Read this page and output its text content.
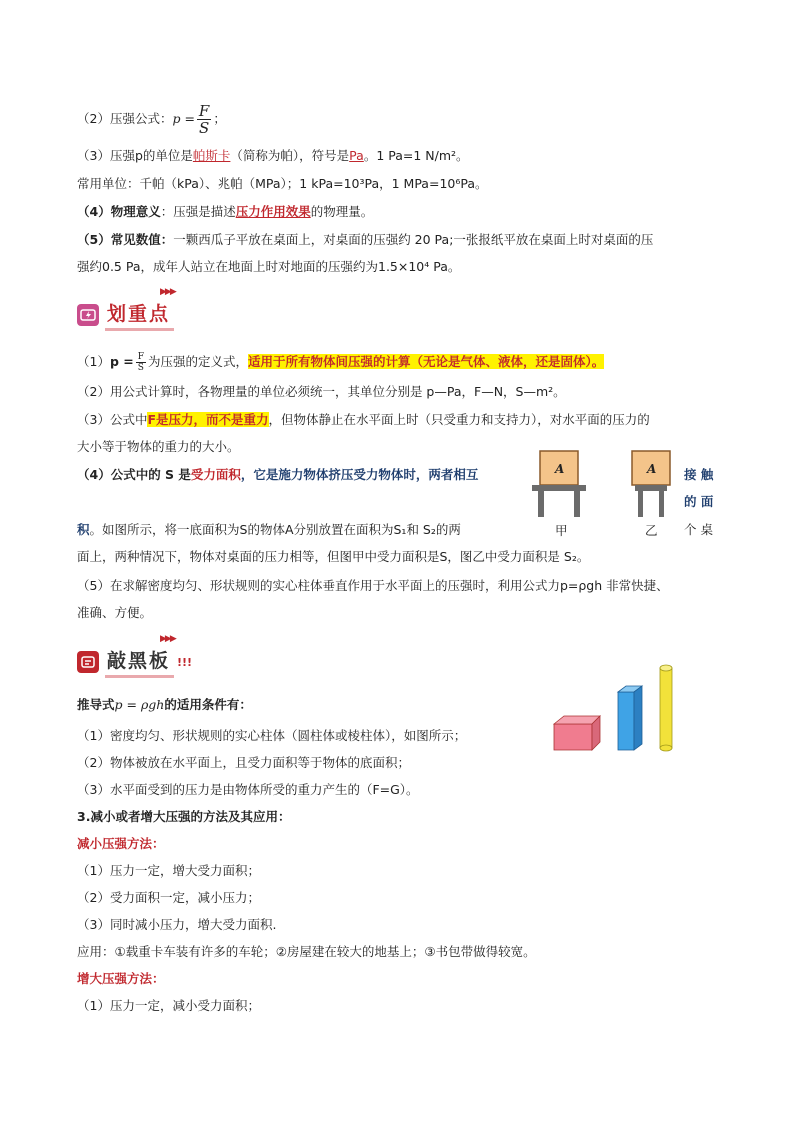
（2）压强公式：$p = \frac{F}{S}$ ；
（3）压强p的单位是帕斯卡（简称为帕），符号是Pa。1 Pa=1 N/m²。
常用单位：千帕（kPa）、兆帕（MPa）；1 kPa=10³Pa，1 MPa=10⁶Pa。
（4）物理意义：压强是描述压力作用效果的物理量。
（5）常见数值：一颗西瓜子平放在桌面上，对桌面的压强约 20 Pa;一张报纸平放在桌面上时对桌面的压
强约0.5 Pa，成年人站立在地面上时对地面的压强约为1.5×10⁴ Pa。
▶▶▶
划重点
$(1)p = \frac{F}{S}$ 为压强的定义式，适用于所有物体间压强的计算（无论是气体、液体，还是固体）。
（2）用公式计算时，各物理量的单位必须统一，其单位分别是 p—Pa，F—N，S—m²。
（3）公式中F是压力，而不是重力，但物体静止在水平面上时（只受重力和支持力），对水平面的压力的
大小等于物体的重力的大小。
（4）公式中的 S 是受力面积，它是施力物体挤压受力物体时，两者相互	接 触
的 面
积。如图所示，将一底面积为S的物体A分别放置在面积为S₁和 S₂的两	个 桌
面上，两种情况下，物体对桌面的压力相等，但图甲中受力面积是S，图乙中受力面积是 S₂。
A	A
甲	乙
（5）在求解密度均匀、形状规则的实心柱体垂直作用于水平面上的压强时，利用公式力p=ρgh 非常快捷、
准确、方便。
▶▶▶
敲黑板 !!!
推导式p = ρgh的适用条件有：
（1）密度均匀、形状规则的实心柱体（圆柱体或棱柱体），如图所示；
（2）物体被放在水平面上，且受力面积等于物体的底面积；
（3）水平面受到的压力是由物体所受的重力产生的（F=G）。
3.减小或者增大压强的方法及其应用：
减小压强方法：
（1）压力一定，增大受力面积；
（2）受力面积一定，减小压力；
（3）同时减小压力，增大受力面积.
应用：①载重卡车装有许多的车轮；②房屋建在较大的地基上；③书包带做得较宽。
增大压强方法：
（1）压力一定，减小受力面积；
